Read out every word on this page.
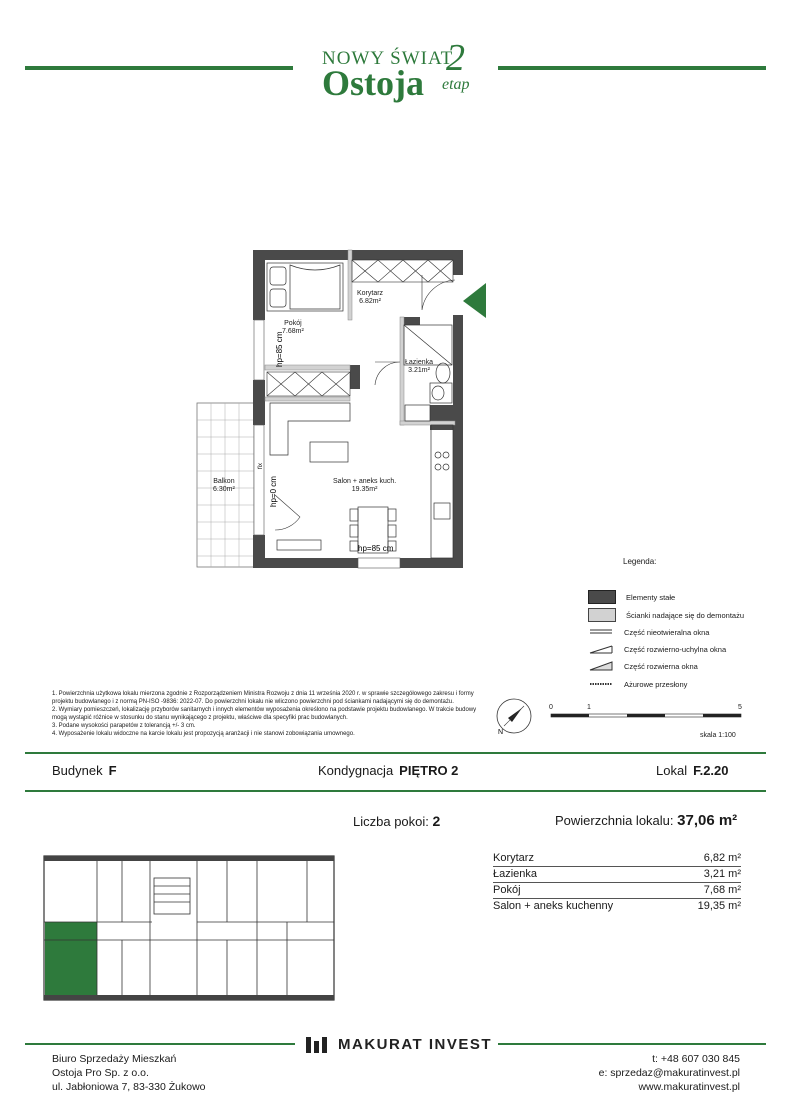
NOWY ŚWIAT
Ostoja
2
etap
hp=85 cm
hp=0 cm
fix
hp=85 cm
Korytarz
6.82m²
Pokój
7.68m²
Łazienka
3.21m²
Salon + aneks kuch.
19.35m²
Balkon
6.30m²
Legenda:
Elementy stałe
Ścianki nadające się do demontażu
Część nieotwieralna okna
Część rozwierno-uchylna okna
Część rozwierna okna
Ażurowe przesłony

1. Powierzchnia użytkowa lokalu mierzona zgodnie z Rozporządzeniem Ministra Rozwoju z dnia 11 września 2020 r. w sprawie szczegółowego zakresu i formy projektu budowlanego i z normą PN-ISO -9836: 2022-07. Do powierzchni lokalu nie wliczono powierzchni pod ściankami nadającymi się do demontażu.

2. Wymiary pomieszczeń, lokalizację przyborów sanitarnych i innych elementów wyposażenia określono na podstawie projektu budowlanego. W trakcie budowy mogą wystąpić różnice w stosunku do stanu wynikającego z projektu, właściwe dla specyfiki prac budowlanych.

3. Podane wysokości parapetów z tolerancją +/- 3 cm.

4. Wyposażenie lokalu widoczne na karcie lokalu jest propozycją aranżacji i nie stanowi zobowiązania umownego.	N
0	1	5
skala 1:100
Budynek F	Kondygnacja PIĘTRO 2	Lokal F.2.20
Liczba pokoi: 2	Powierzchnia lokalu: 37,06 m²
Korytarz	6,82 m²
Łazienka	3,21 m²
Pokój	7,68 m²
Salon + aneks kuchenny	19,35 m²
MAKURAT INVEST
Biuro Sprzedaży Mieszkań
Ostoja Pro Sp. z o.o.
ul. Jabłoniowa 7, 83-330 Żukowo
t: +48 607 030 845
e: sprzedaz@makuratinvest.pl
www.makuratinvest.pl
